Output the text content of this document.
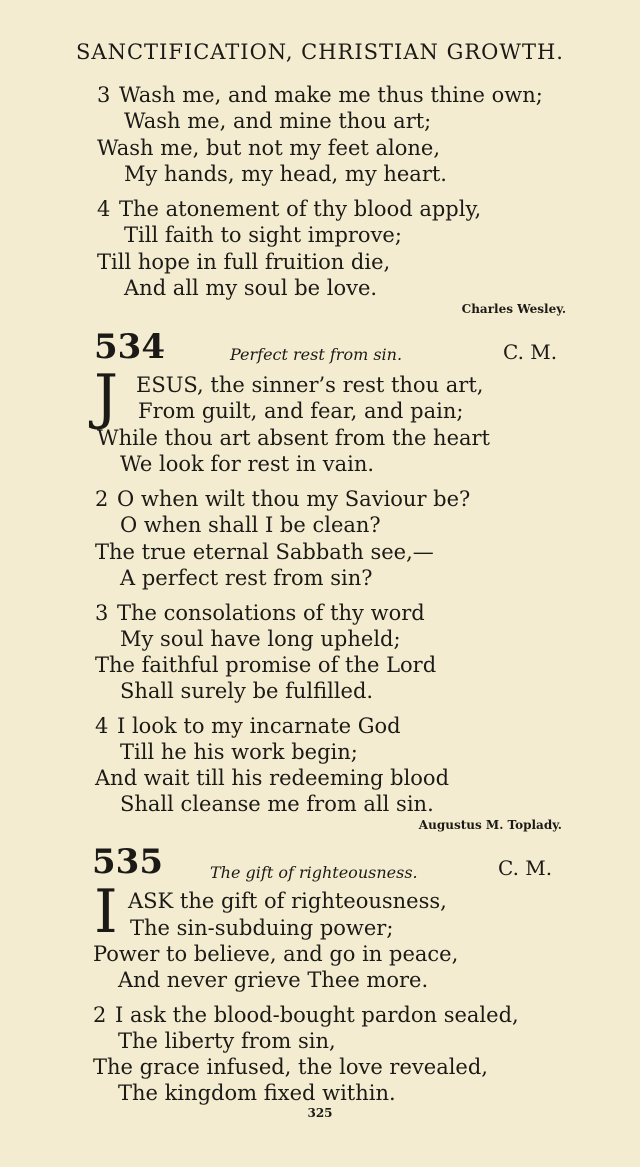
SANCTIFICATION, CHRISTIAN GROWTH.
3 Wash me, and make me thus thine own;
Wash me, and mine thou art;
Wash me, but not my feet alone,
My hands, my head, my heart.
4 The atonement of thy blood apply,
Till faith to sight improve;
Till hope in full fruition die,
And all my soul be love.
Charles Wesley.
534	Perfect rest from sin.	C. M.
J ESUS, the sinner’s rest thou art,
From guilt, and fear, and pain;
While thou art absent from the heart
We look for rest in vain.
2 O when wilt thou my Saviour be?
O when shall I be clean?
The true eternal Sabbath see,—
A perfect rest from sin?
3 The consolations of thy word
My soul have long upheld;
The faithful promise of the Lord
Shall surely be fulfilled.
4 I look to my incarnate God
Till he his work begin;
And wait till his redeeming blood
Shall cleanse me from all sin.
Augustus M. Toplady.
535	The gift of righteousness.	C. M.
I ASK the gift of righteousness,
The sin-subduing power;
Power to believe, and go in peace,
And never grieve Thee more.
2 I ask the blood-bought pardon sealed,
The liberty from sin,
The grace infused, the love revealed,
The kingdom fixed within.
325
